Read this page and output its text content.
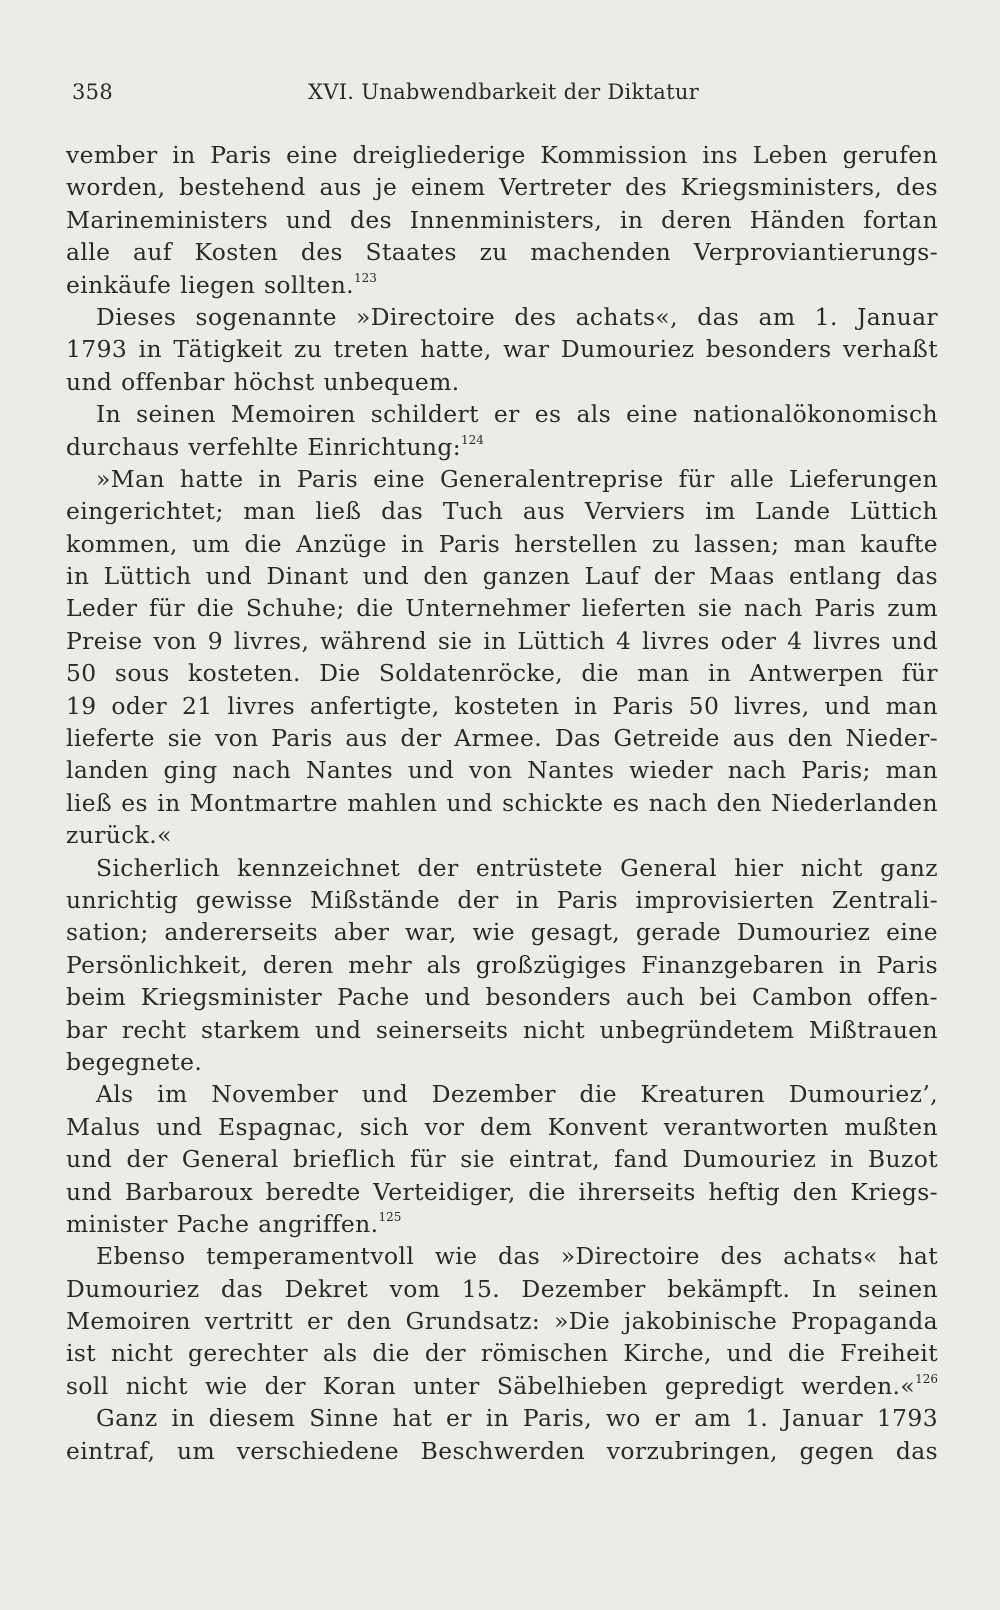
358	XVI. Unabwendbarkeit der Diktatur
vember in Paris eine dreigliederige Kommission ins Leben gerufen
worden, bestehend aus je einem Vertreter des Kriegsministers, des
Marineministers und des Innenministers, in deren Händen fortan
alle auf Kosten des Staates zu machenden Verproviantierungs-
einkäufe liegen sollten.$^{123}$
Dieses sogenannte »Directoire des achats«, das am 1. Januar
1793 in Tätigkeit zu treten hatte, war Dumouriez besonders verhaßt
und offenbar höchst unbequem.
In seinen Memoiren schildert er es als eine nationalökonomisch
durchaus verfehlte Einrichtung:$^{124}$
»Man hatte in Paris eine Generalentreprise für alle Lieferungen
eingerichtet; man ließ das Tuch aus Verviers im Lande Lüttich
kommen, um die Anzüge in Paris herstellen zu lassen; man kaufte
in Lüttich und Dinant und den ganzen Lauf der Maas entlang das
Leder für die Schuhe; die Unternehmer lieferten sie nach Paris zum
Preise von 9 livres, während sie in Lüttich 4 livres oder 4 livres und
50 sous kosteten. Die Soldatenröcke, die man in Antwerpen für
19 oder 21 livres anfertigte, kosteten in Paris 50 livres, und man
lieferte sie von Paris aus der Armee. Das Getreide aus den Nieder-
landen ging nach Nantes und von Nantes wieder nach Paris; man
ließ es in Montmartre mahlen und schickte es nach den Niederlanden
zurück.«
Sicherlich kennzeichnet der entrüstete General hier nicht ganz
unrichtig gewisse Mißstände der in Paris improvisierten Zentrali-
sation; andererseits aber war, wie gesagt, gerade Dumouriez eine
Persönlichkeit, deren mehr als großzügiges Finanzgebaren in Paris
beim Kriegsminister Pache und besonders auch bei Cambon offen-
bar recht starkem und seinerseits nicht unbegründetem Mißtrauen
begegnete.
Als im November und Dezember die Kreaturen Dumouriez’,
Malus und Espagnac, sich vor dem Konvent verantworten mußten
und der General brieflich für sie eintrat, fand Dumouriez in Buzot
und Barbaroux beredte Verteidiger, die ihrerseits heftig den Kriegs-
minister Pache angriffen.$^{125}$
Ebenso temperamentvoll wie das »Directoire des achats« hat
Dumouriez das Dekret vom 15. Dezember bekämpft. In seinen
Memoiren vertritt er den Grundsatz: »Die jakobinische Propaganda
ist nicht gerechter als die der römischen Kirche, und die Freiheit
soll nicht wie der Koran unter Säbelhieben gepredigt werden.«$^{126}$
Ganz in diesem Sinne hat er in Paris, wo er am 1. Januar 1793
eintraf, um verschiedene Beschwerden vorzubringen, gegen das
